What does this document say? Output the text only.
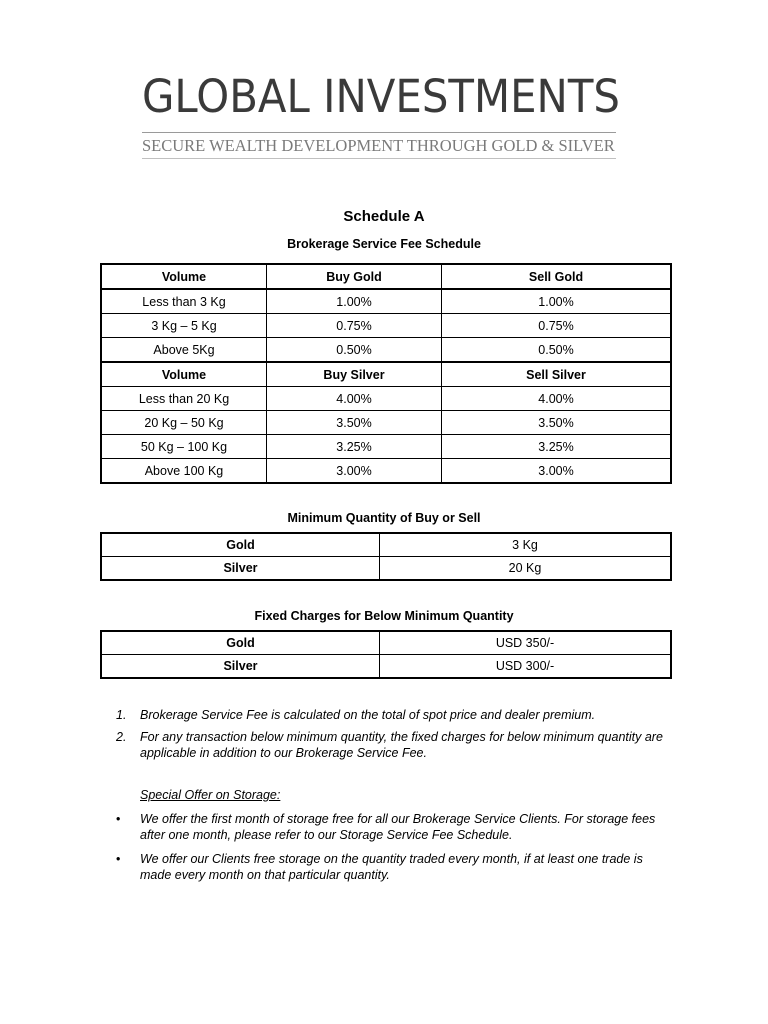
GLOBAL INVESTMENTS
SECURE WEALTH DEVELOPMENT THROUGH GOLD & SILVER
Schedule A
Brokerage Service Fee Schedule
Volume	Buy Gold	Sell Gold
Less than 3 Kg	1.00%	1.00%
3 Kg – 5 Kg	0.75%	0.75%
Above 5Kg	0.50%	0.50%
Volume	Buy Silver	Sell Silver
Less than 20 Kg	4.00%	4.00%
20 Kg – 50 Kg	3.50%	3.50%
50 Kg – 100 Kg	3.25%	3.25%
Above 100 Kg	3.00%	3.00%
Minimum Quantity of Buy or Sell
Gold	3 Kg
Silver	20 Kg
Fixed Charges for Below Minimum Quantity
Gold	USD 350/-
Silver	USD 300/-
1. Brokerage Service Fee is calculated on the total of spot price and dealer premium.
2. For any transaction below minimum quantity, the fixed charges for below minimum quantity are applicable in addition to our Brokerage Service Fee.
Special Offer on Storage:
• We offer the first month of storage free for all our Brokerage Service Clients. For storage fees after one month, please refer to our Storage Service Fee Schedule.
• We offer our Clients free storage on the quantity traded every month, if at least one trade is made every month on that particular quantity.
